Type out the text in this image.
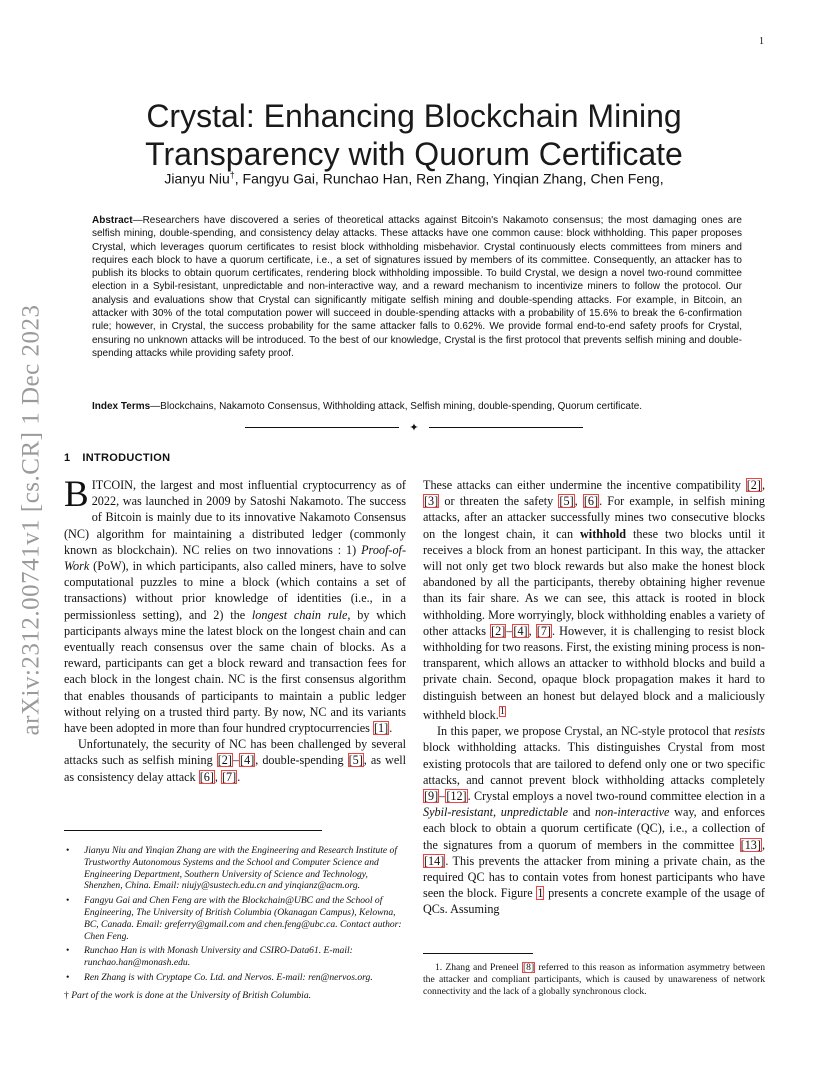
1
arXiv:2312.00741v1 [cs.CR] 1 Dec 2023
Crystal: Enhancing Blockchain Mining
Transparency with Quorum Certificate
Jianyu Niu†, Fangyu Gai, Runchao Han, Ren Zhang, Yinqian Zhang, Chen Feng,
Abstract—Researchers have discovered a series of theoretical attacks against Bitcoin's Nakamoto consensus; the most damaging ones are selfish mining, double-spending, and consistency delay attacks. These attacks have one common cause: block withholding. This paper proposes Crystal, which leverages quorum certificates to resist block withholding misbehavior. Crystal continuously elects committees from miners and requires each block to have a quorum certificate, i.e., a set of signatures issued by members of its committee. Consequently, an attacker has to publish its blocks to obtain quorum certificates, rendering block withholding impossible. To build Crystal, we design a novel two-round committee election in a Sybil-resistant, unpredictable and non-interactive way, and a reward mechanism to incentivize miners to follow the protocol. Our analysis and evaluations show that Crystal can significantly mitigate selfish mining and double-spending attacks. For example, in Bitcoin, an attacker with 30% of the total computation power will succeed in double-spending attacks with a probability of 15.6% to break the 6-confirmation rule; however, in Crystal, the success probability for the same attacker falls to 0.62%. We provide formal end-to-end safety proofs for Crystal, ensuring no unknown attacks will be introduced. To the best of our knowledge, Crystal is the first protocol that prevents selfish mining and double-spending attacks while providing safety proof.
Index Terms—Blockchains, Nakamoto Consensus, Withholding attack, Selfish mining, double-spending, Quorum certificate.
✦
1 INTRODUCTION

BITCOIN, the largest and most influential cryptocurrency as of 2022, was launched in 2009 by Satoshi Nakamoto. The success of Bitcoin is mainly due to its innovative Nakamoto Consensus (NC) algorithm for maintaining a distributed ledger (commonly known as blockchain). NC relies on two innovations : 1) Proof-of-Work (PoW), in which participants, also called miners, have to solve computational puzzles to mine a block (which contains a set of transactions) without prior knowledge of identities (i.e., in a permissionless setting), and 2) the longest chain rule, by which participants always mine the latest block on the longest chain and can eventually reach consensus over the same chain of blocks. As a reward, participants can get a block reward and transaction fees for each block in the longest chain. NC is the first consensus algorithm that enables thousands of participants to maintain a public ledger without relying on a trusted third party. By now, NC and its variants have been adopted in more than four hundred cryptocurrencies [1].

Unfortunately, the security of NC has been challenged by several attacks such as selfish mining [2]–[4], double-spending [5], as well as consistency delay attack [6], [7].

• Jianyu Niu and Yinqian Zhang are with the Engineering and Research Institute of Trustworthy Autonomous Systems and the School and Computer Science and Engineering Department, Southern University of Science and Technology, Shenzhen, China. Email: niujy@sustech.edu.cn and yinqianz@acm.org.
• Fangyu Gai and Chen Feng are with the Blockchain@UBC and the School of Engineering, The University of British Columbia (Okanagan Campus), Kelowna, BC, Canada. Email: greferry@gmail.com and chen.feng@ubc.ca. Contact author: Chen Feng.
• Runchao Han is with Monash University and CSIRO-Data61. E-mail: runchao.han@monash.edu.
• Ren Zhang is with Cryptape Co. Ltd. and Nervos. E-mail: ren@nervos.org.
† Part of the work is done at the University of British Columbia.

These attacks can either undermine the incentive compatibility [2], [3] or threaten the safety [5], [6]. For example, in selfish mining attacks, after an attacker successfully mines two consecutive blocks on the longest chain, it can withhold these two blocks until it receives a block from an honest participant. In this way, the attacker will not only get two block rewards but also make the honest block abandoned by all the participants, thereby obtaining higher revenue than its fair share. As we can see, this attack is rooted in block withholding. More worryingly, block withholding enables a variety of other attacks [2]–[4], [7]. However, it is challenging to resist block withholding for two reasons. First, the existing mining process is non-transparent, which allows an attacker to withhold blocks and build a private chain. Second, opaque block propagation makes it hard to distinguish between an honest but delayed block and a maliciously withheld block.$^1$

In this paper, we propose Crystal, an NC-style protocol that resists block withholding attacks. This distinguishes Crystal from most existing protocols that are tailored to defend only one or two specific attacks, and cannot prevent block withholding attacks completely [9]–[12]. Crystal employs a novel two-round committee election in a Sybil-resistant, unpredictable and non-interactive way, and enforces each block to obtain a quorum certificate (QC), i.e., a collection of the signatures from a quorum of members in the committee [13], [14]. This prevents the attacker from mining a private chain, as the required QC has to contain votes from honest participants who have seen the block. Figure 1 presents a concrete example of the usage of QCs. Assuming

1. Zhang and Preneel [8] referred to this reason as information asymmetry between the attacker and compliant participants, which is caused by unawareness of network connectivity and the lack of a globally synchronous clock.
